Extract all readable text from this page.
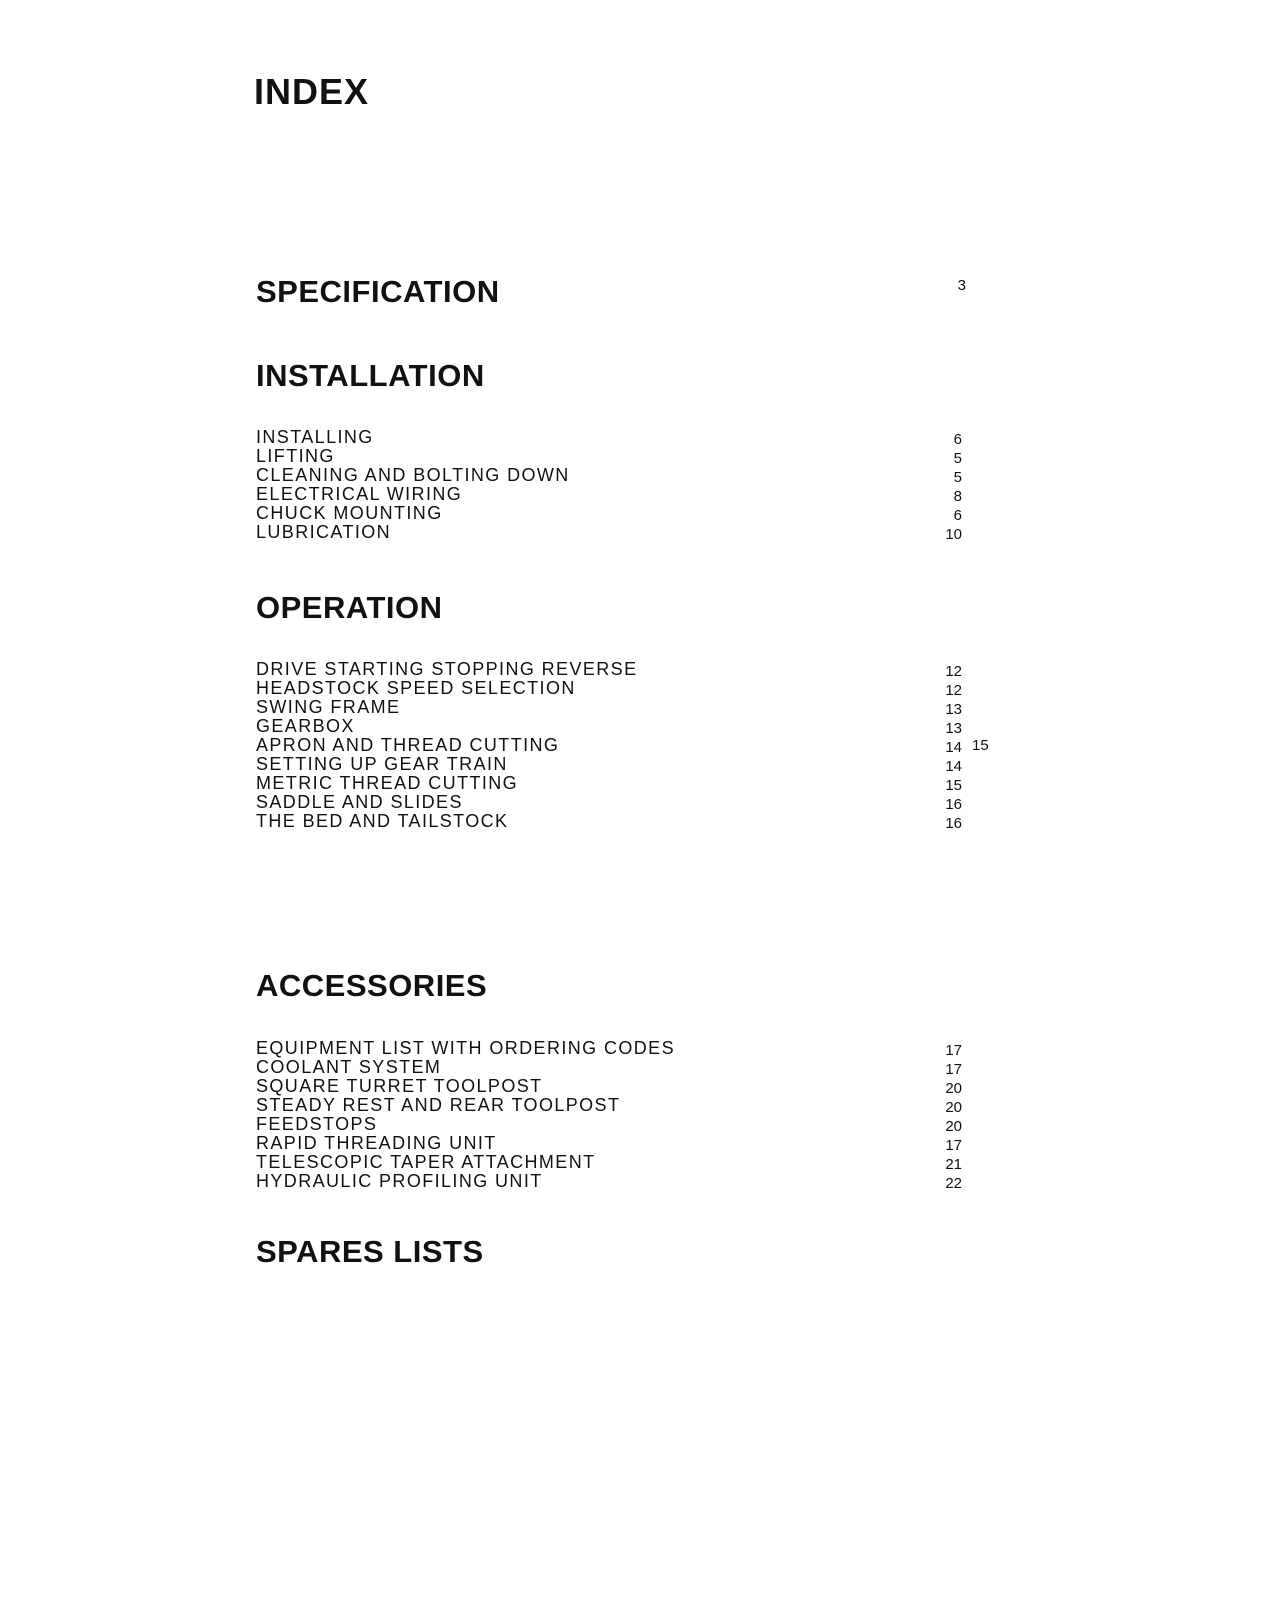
INDEX
SPECIFICATION	3
INSTALLATION
INSTALLING	6
LIFTING	5
CLEANING AND BOLTING DOWN	5
ELECTRICAL WIRING	8
CHUCK MOUNTING	6
LUBRICATION	10
OPERATION
DRIVE STARTING STOPPING REVERSE	12
HEADSTOCK SPEED SELECTION	12
SWING FRAME	13
GEARBOX	13
APRON AND THREAD CUTTING	14 15
SETTING UP GEAR TRAIN	14
METRIC THREAD CUTTING	15
SADDLE AND SLIDES	16
THE BED AND TAILSTOCK	16
ACCESSORIES
EQUIPMENT LIST WITH ORDERING CODES	17
COOLANT SYSTEM	17
SQUARE TURRET TOOLPOST	20
STEADY REST AND REAR TOOLPOST	20
FEEDSTOPS	20
RAPID THREADING UNIT	17
TELESCOPIC TAPER ATTACHMENT	21
HYDRAULIC PROFILING UNIT	22
SPARES LISTS
